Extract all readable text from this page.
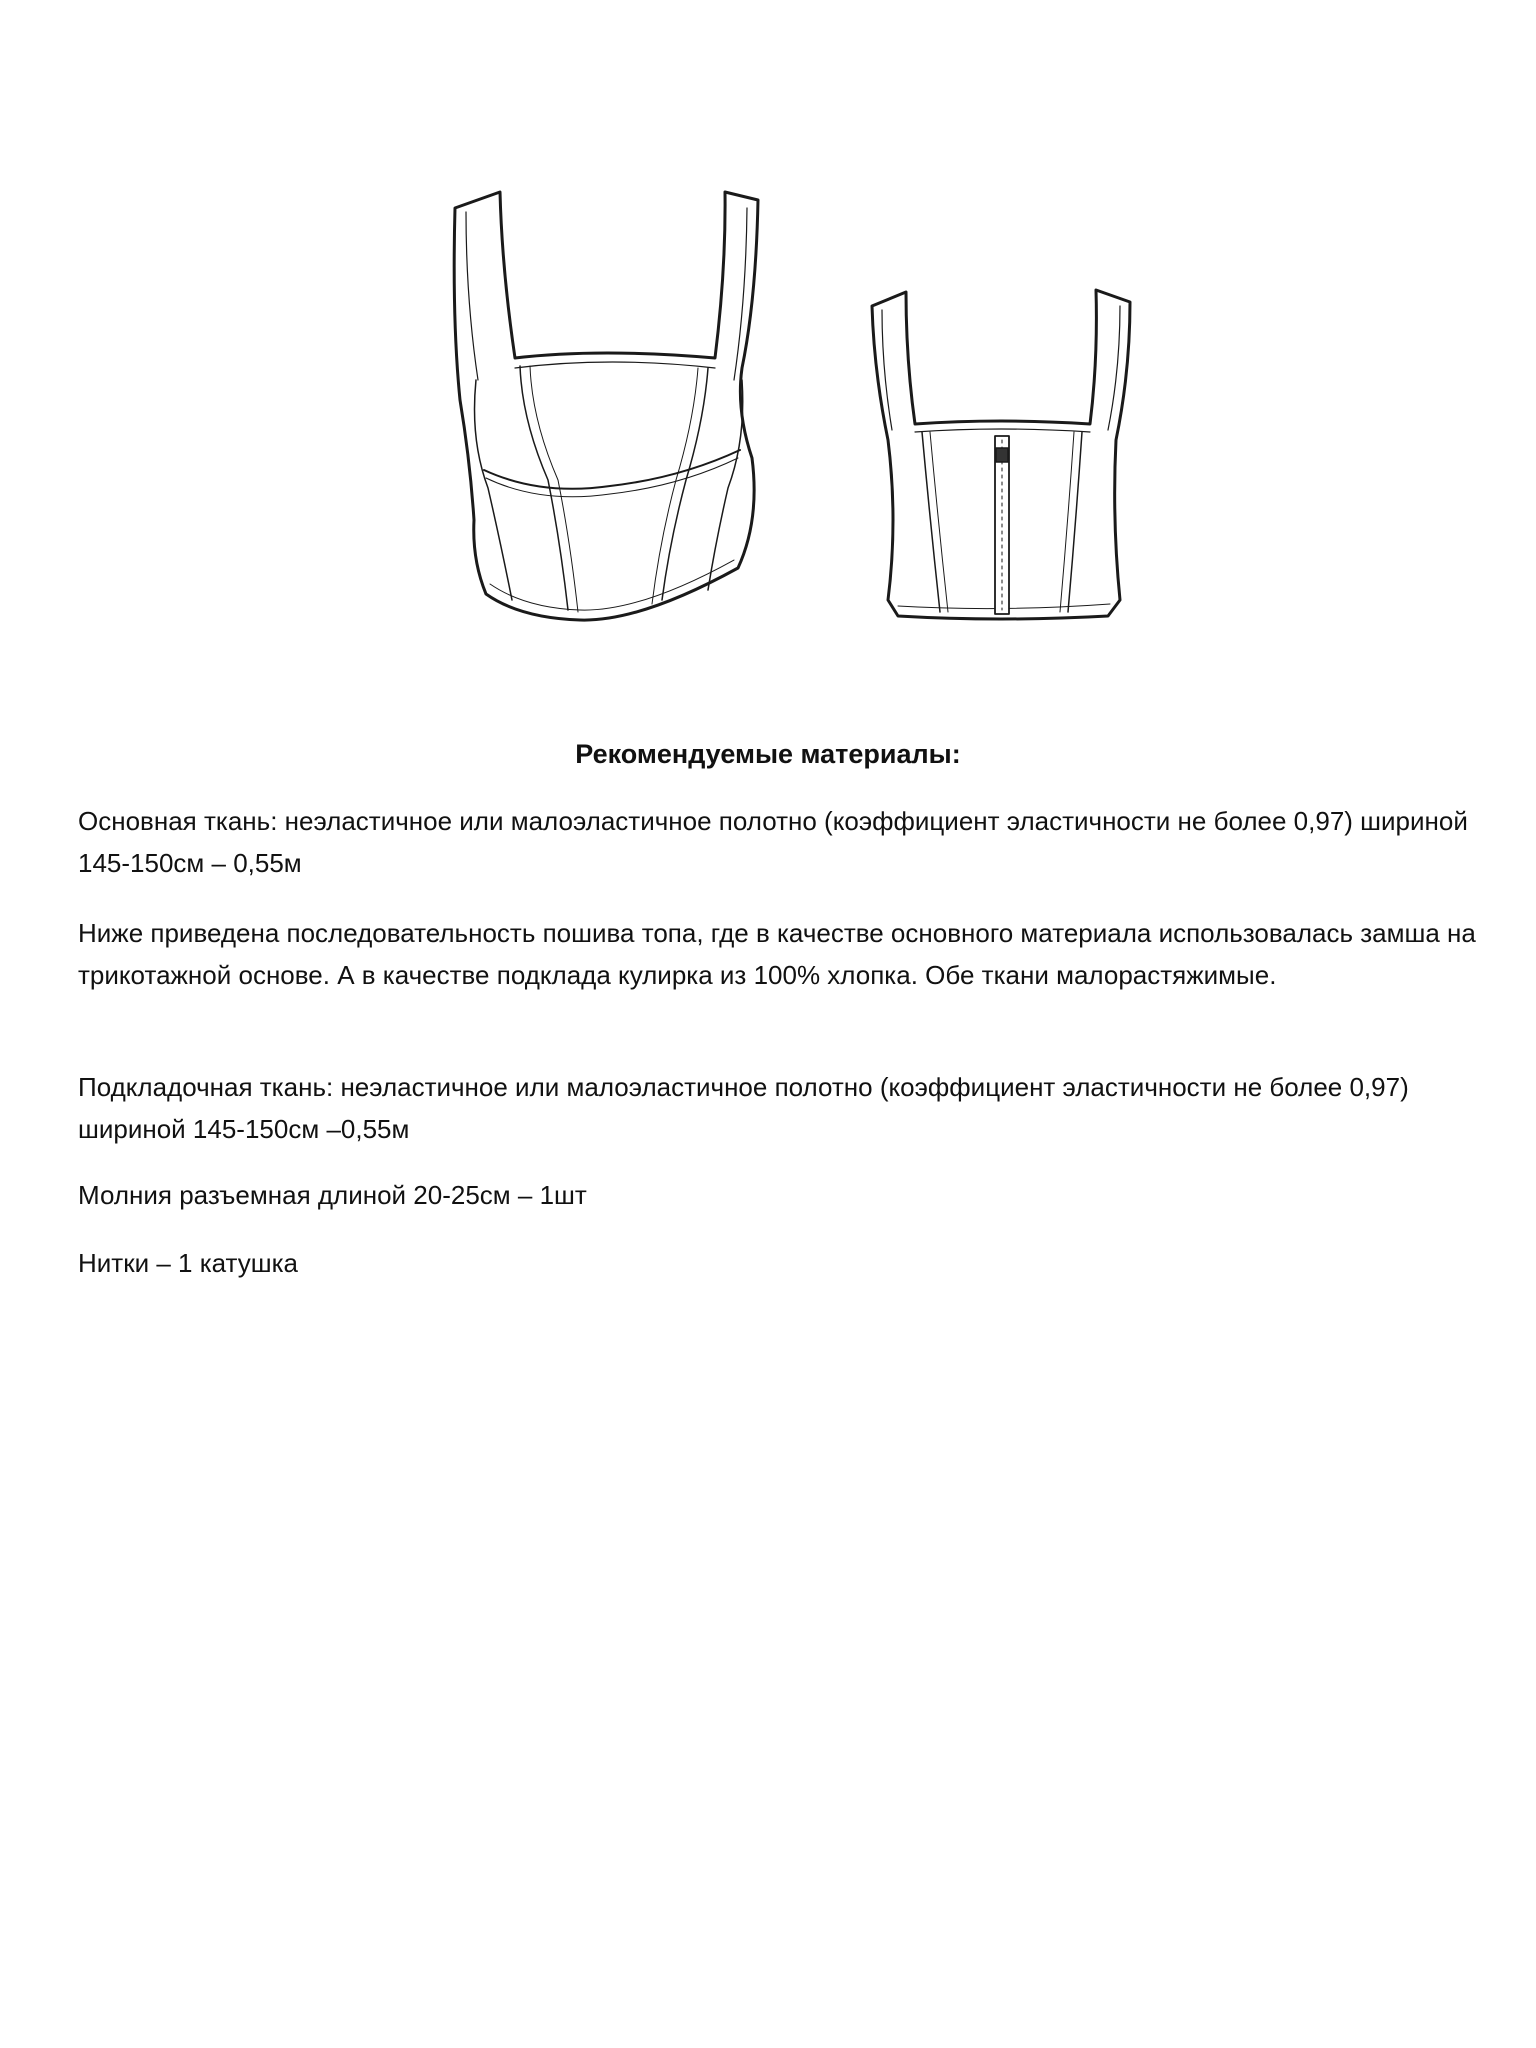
Рекомендуемые материалы:

Основная ткань: неэластичное или малоэластичное полотно (коэффициент эластичности не более 0,97) шириной 145-150см – 0,55м

Ниже приведена последовательность пошива топа, где в качестве основного материала использовалась замша на трикотажной основе. А в качестве подклада кулирка из 100% хлопка. Обе ткани малорастяжимые.

Подкладочная ткань: неэластичное или малоэластичное полотно (коэффициент эластичности не более 0,97) шириной 145-150см –0,55м

Молния разъемная длиной 20-25см – 1шт

Нитки – 1 катушка
